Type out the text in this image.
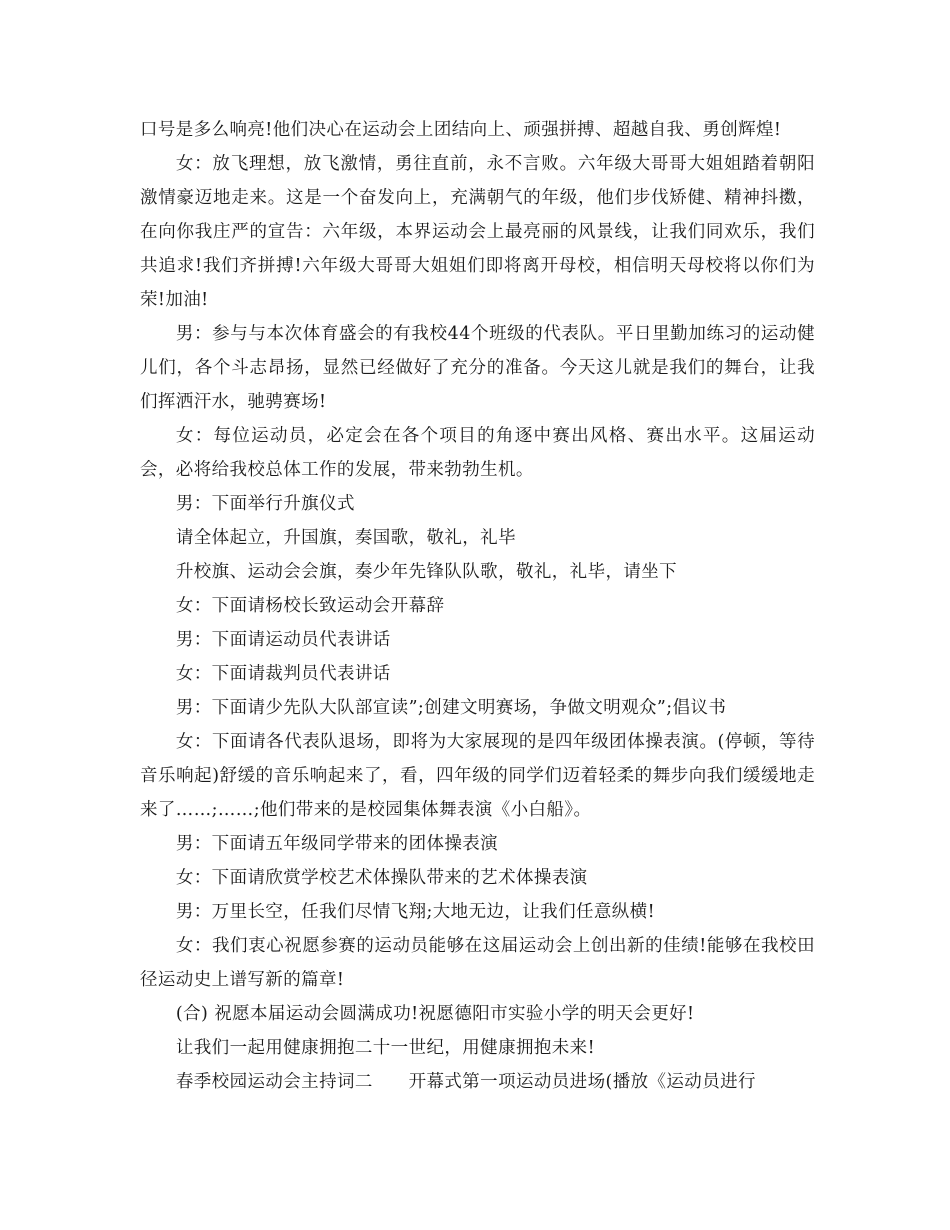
口号是多么响亮!他们决心在运动会上团结向上、顽强拼搏、超越自我、勇创辉煌!

女：放飞理想，放飞激情，勇往直前，永不言败。六年级大哥哥大姐姐踏着朝阳激情豪迈地走来。这是一个奋发向上，充满朝气的年级，他们步伐矫健、精神抖擞，在向你我庄严的宣告：六年级，本界运动会上最亮丽的风景线，让我们同欢乐，我们共追求!我们齐拼搏!六年级大哥哥大姐姐们即将离开母校，相信明天母校将以你们为荣!加油!

男：参与与本次体育盛会的有我校44个班级的代表队。平日里勤加练习的运动健儿们，各个斗志昂扬，显然已经做好了充分的准备。今天这儿就是我们的舞台，让我们挥洒汗水，驰骋赛场!

女：每位运动员，必定会在各个项目的角逐中赛出风格、赛出水平。这届运动会，必将给我校总体工作的发展，带来勃勃生机。

男：下面举行升旗仪式

请全体起立，升国旗，奏国歌，敬礼，礼毕

升校旗、运动会会旗，奏少年先锋队队歌，敬礼，礼毕，请坐下

女：下面请杨校长致运动会开幕辞

男：下面请运动员代表讲话

女：下面请裁判员代表讲话

男：下面请少先队大队部宣读”;创建文明赛场，争做文明观众”;倡议书

女：下面请各代表队退场，即将为大家展现的是四年级团体操表演。(停顿，等待音乐响起)舒缓的音乐响起来了，看，四年级的同学们迈着轻柔的舞步向我们缓缓地走来了……;……;他们带来的是校园集体舞表演《小白船》。

男：下面请五年级同学带来的团体操表演

女：下面请欣赏学校艺术体操队带来的艺术体操表演

男：万里长空，任我们尽情飞翔;大地无边，让我们任意纵横!

女：我们衷心祝愿参赛的运动员能够在这届运动会上创出新的佳绩!能够在我校田径运动史上谱写新的篇章!

(合) 祝愿本届运动会圆满成功!祝愿德阳市实验小学的明天会更好!

让我们一起用健康拥抱二十一世纪，用健康拥抱未来!

春季校园运动会主持词二　　开幕式第一项运动员进场(播放《运动员进行
